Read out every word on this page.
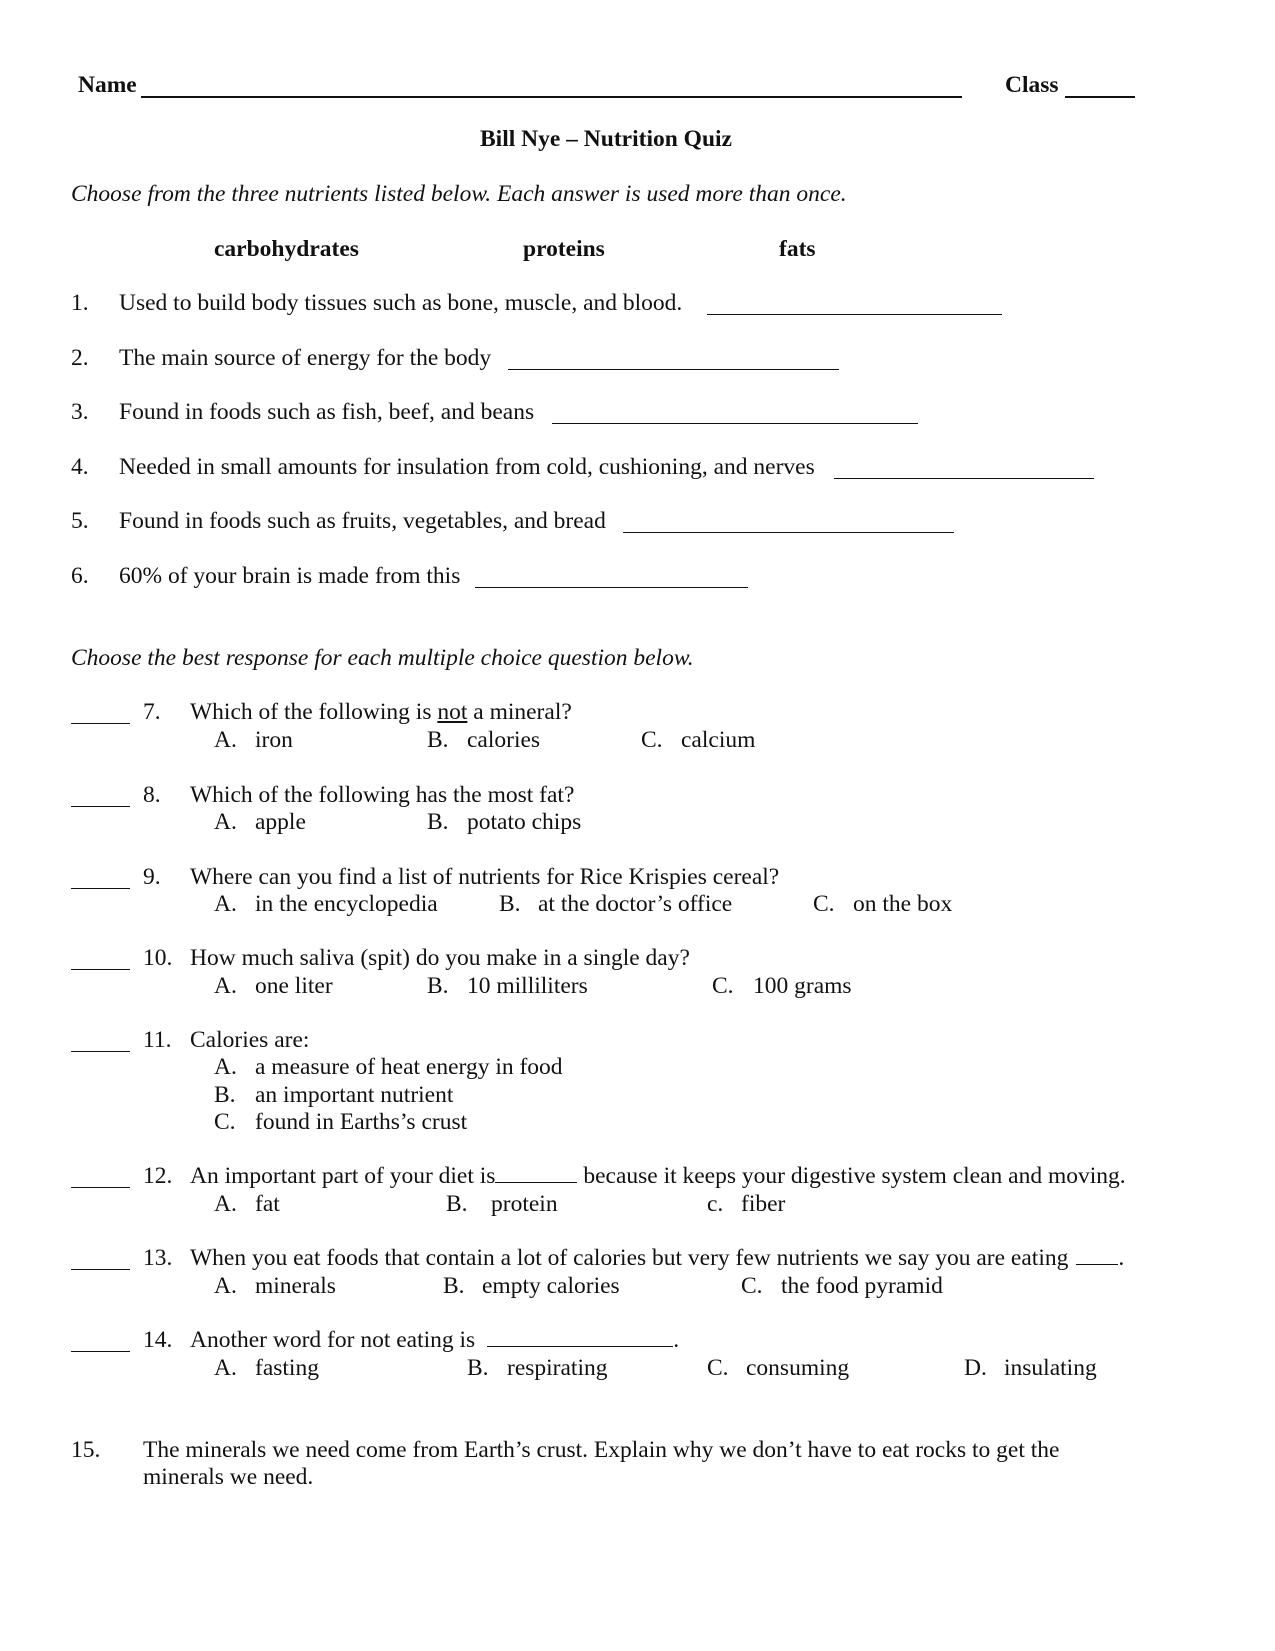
Name	Class
Bill Nye – Nutrition Quiz
Choose from the three nutrients listed below. Each answer is used more than once.
carbohydrates	proteins	fats
1. Used to build body tissues such as bone, muscle, and blood.
2. The main source of energy for the body
3. Found in foods such as fish, beef, and beans
4. Needed in small amounts for insulation from cold, cushioning, and nerves
5. Found in foods such as fruits, vegetables, and bread
6. 60% of your brain is made from this
Choose the best response for each multiple choice question below.
7. Which of the following is not a mineral?
A. iron	B. calories	C. calcium
8. Which of the following has the most fat?
A. apple	B. potato chips
9. Where can you find a list of nutrients for Rice Krispies cereal?
A. in the encyclopedia	B. at the doctor’s office	C. on the box
10. How much saliva (spit) do you make in a single day?
A. one liter	B. 10 milliliters	C. 100 grams
11. Calories are:
A. a measure of heat energy in food
B. an important nutrient
C. found in Earths’s crust
12. An important part of your diet is	because it keeps your digestive system clean and moving.
A. fat	B. protein	c. fiber
13. When you eat foods that contain a lot of calories but very few nutrients we say you are eating .
A. minerals	B. empty calories	C. the food pyramid
14. Another word for not eating is	.
A. fasting	B. respirating	C. consuming	D. insulating
15. The minerals we need come from Earth’s crust. Explain why we don’t have to eat rocks to get the
minerals we need.
